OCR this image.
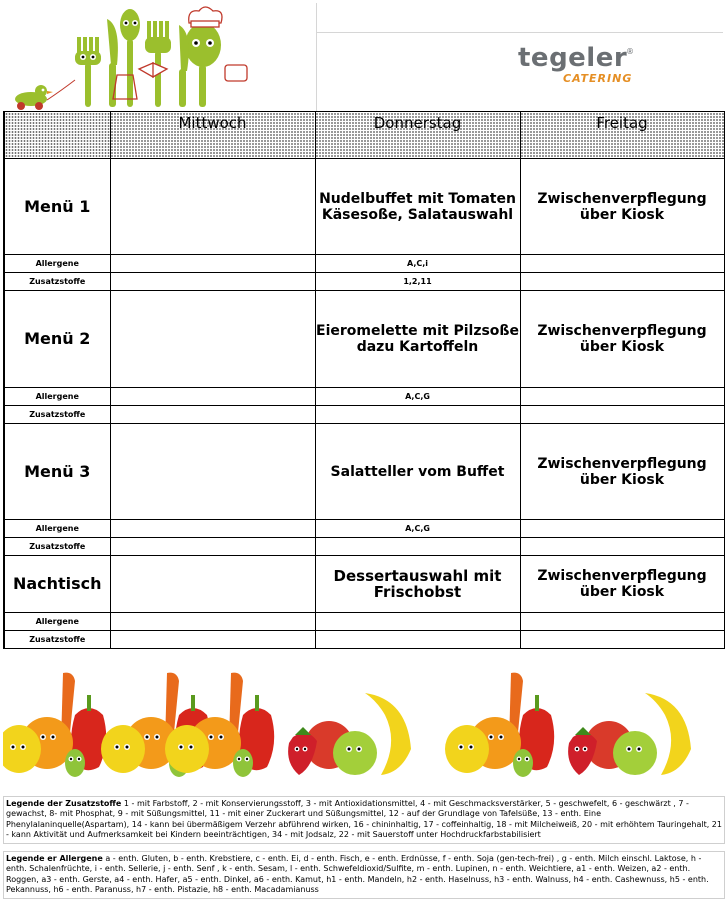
tegeler
®
CATERING
	Mittwoch	Donnerstag	Freitag
Menü 1		Nudelbuffet mit Tomaten Käsesoße, Salatauswahl	Zwischenverpflegung über Kiosk
Allergene		A,C,i	
Zusatzstoffe		1,2,11	
Menü 2		Eieromelette mit Pilzsoße dazu Kartoffeln	Zwischenverpflegung über Kiosk
Allergene		A,C,G	
Zusatzstoffe			
Menü 3		Salatteller vom Buffet	Zwischenverpflegung über Kiosk
Allergene		A,C,G	
Zusatzstoffe			
Nachtisch		Dessertauswahl mit Frischobst	Zwischenverpflegung über Kiosk
Allergene			
Zusatzstoffe			
Legende der Zusatzstoffe 1 - mit Farbstoff, 2 - mit Konservierungsstoff, 3 - mit Antioxidationsmittel, 4 - mit Geschmacksverstärker, 5 - geschwefelt, 6 - geschwärzt , 7 - gewachst, 8- mit Phosphat, 9 - mit Süßungsmittel, 11 - mit einer Zuckerart und Süßungsmittel, 12 - auf der Grundlage von Tafelsüße, 13 - enth. Eine Phenylalaninquelle(Aspartam), 14 - kann bei übermäßigem Verzehr abführend wirken, 16 - chininhaltig, 17 - coffeinhaltig, 18 - mit Milcheiweiß, 20 - mit erhöhtem Tauringehalt, 21 - kann Aktivität und Aufmerksamkeit bei Kindern beeinträchtigen, 34 - mit Jodsalz, 22 - mit Sauerstoff unter Hochdruckfarbstabilisiert
Legende er Allergene a - enth. Gluten, b - enth. Krebstiere, c - enth. Ei, d - enth. Fisch, e - enth. Erdnüsse, f - enth. Soja (gen-tech-frei) , g - enth. Milch einschl. Laktose, h - enth. Schalenfrüchte, i - enth. Sellerie, j - enth. Senf , k - enth. Sesam, l - enth. Schwefeldioxid/Sulfite, m - enth. Lupinen, n - enth. Weichtiere, a1 - enth. Weizen, a2 - enth. Roggen, a3 - enth. Gerste, a4 - enth. Hafer, a5 - enth. Dinkel, a6 - enth. Kamut, h1 - enth. Mandeln, h2 - enth. Haselnuss, h3 - enth. Walnuss, h4 - enth. Cashewnuss, h5 - enth. Pekannuss, h6 - enth. Paranuss, h7 - enth. Pistazie, h8 - enth. Macadamianuss
